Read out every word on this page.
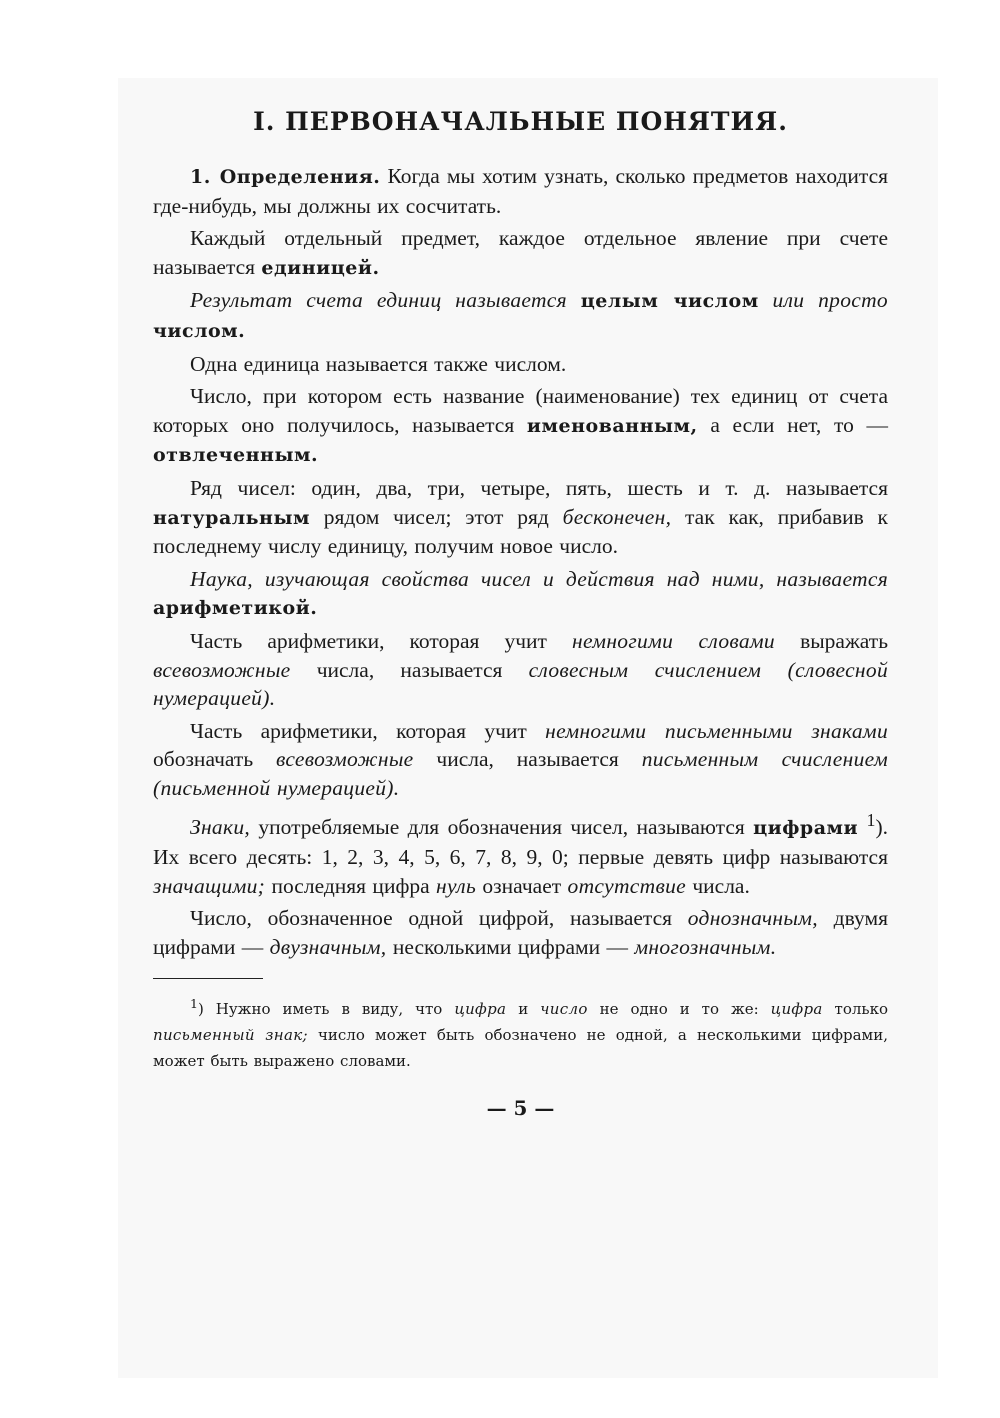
I. ПЕРВОНАЧАЛЬНЫЕ ПОНЯТИЯ.

1. Определения. Когда мы хотим узнать, сколько предметов находится где-нибудь, мы должны их сосчитать.

Каждый отдельный предмет, каждое отдельное явление при счете называется единицей.

Результат счета единиц называется целым числом или просто числом.

Одна единица называется также числом.

Число, при котором есть название (наименование) тех единиц от счета которых оно получилось, называется именованным, а если нет, то — отвлеченным.

Ряд чисел: один, два, три, четыре, пять, шесть и т. д. называется натуральным рядом чисел; этот ряд бесконечен, так как, прибавив к последнему числу единицу, получим новое число.

Наука, изучающая свойства чисел и действия над ними, называется арифметикой.

Часть арифметики, которая учит немногими словами выражать всевозможные числа, называется словесным счислением (словесной нумерацией).

Часть арифметики, которая учит немногими письменными знаками обозначать всевозможные числа, называется письменным счислением (письменной нумерацией).

Знаки, употребляемые для обозначения чисел, называются цифрами $^1$). Их всего десять: 1, 2, 3, 4, 5, 6, 7, 8, 9, 0; первые девять цифр называются значащими; последняя цифра нуль означает отсутствие числа.

Число, обозначенное одной цифрой, называется однозначным, двумя цифрами — двузначным, несколькими цифрами — многозначным.

$^1$) Нужно иметь в виду, что цифра и число не одно и то же: цифра только письменный знак; число может быть обозначено не одной, а несколькими цифрами, может быть выражено словами.

— 5 —
